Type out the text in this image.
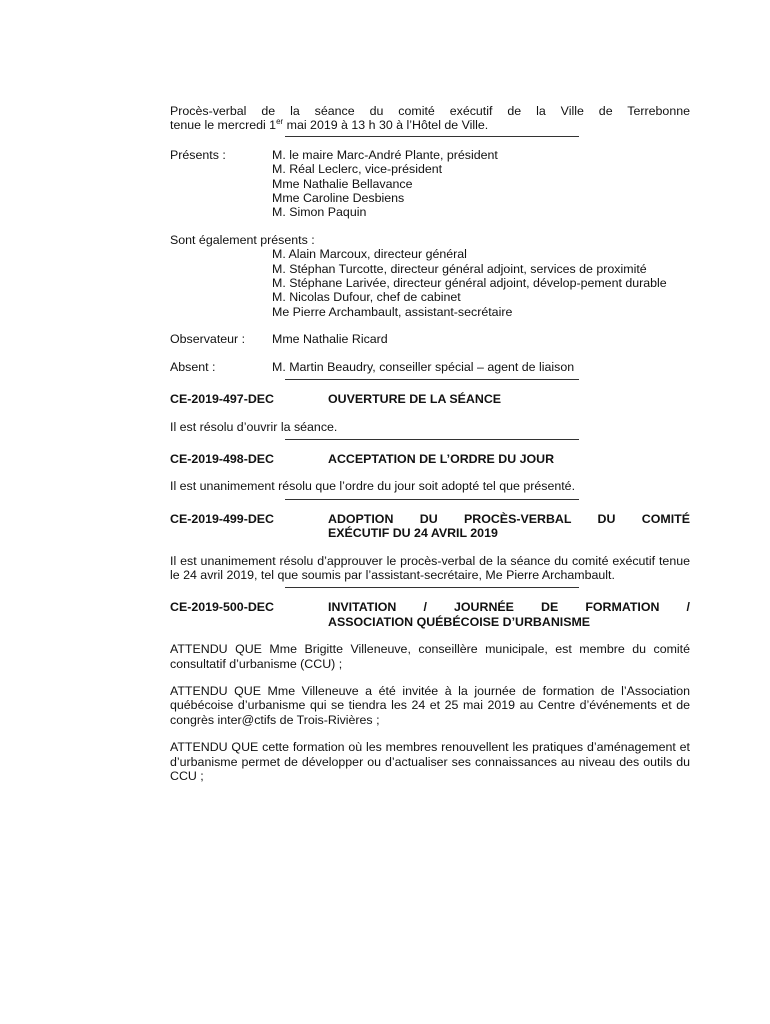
Procès-verbal de la séance du comité exécutif de la Ville de Terrebonne
tenue le mercredi 1er mai 2019 à 13 h 30 à l’Hôtel de Ville.
Présents :	M. le maire Marc-André Plante, président
M. Réal Leclerc, vice-président
Mme Nathalie Bellavance
Mme Caroline Desbiens
M. Simon Paquin
Sont également présents :
M. Alain Marcoux, directeur général
M. Stéphan Turcotte, directeur général adjoint, services de proximité
M. Stéphane Larivée, directeur général adjoint, dévelop-pement durable
M. Nicolas Dufour, chef de cabinet
Me Pierre Archambault, assistant-secrétaire
Observateur :	Mme Nathalie Ricard
Absent :	M. Martin Beaudry, conseiller spécial – agent de liaison
CE-2019-497-DEC	OUVERTURE DE LA SÉANCE
Il est résolu d’ouvrir la séance.
CE-2019-498-DEC	ACCEPTATION DE L’ORDRE DU JOUR
Il est unanimement résolu que l’ordre du jour soit adopté tel que présenté.
CE-2019-499-DEC	ADOPTION DU PROCÈS-VERBAL DU COMITÉ
EXÉCUTIF DU 24 AVRIL 2019
Il est unanimement résolu d’approuver le procès-verbal de la séance du comité exécutif tenue le 24 avril 2019, tel que soumis par l’assistant-secrétaire, Me Pierre Archambault.
CE-2019-500-DEC	INVITATION / JOURNÉE DE FORMATION /
ASSOCIATION QUÉBÉCOISE D’URBANISME
ATTENDU QUE Mme Brigitte Villeneuve, conseillère municipale, est membre du comité consultatif d’urbanisme (CCU) ;
ATTENDU QUE Mme Villeneuve a été invitée à la journée de formation de l’Association québécoise d’urbanisme qui se tiendra les 24 et 25 mai 2019 au Centre d’événements et de congrès inter@ctifs de Trois-Rivières ;
ATTENDU QUE cette formation où les membres renouvellent les pratiques d’aménagement et d’urbanisme permet de développer ou d’actualiser ses connaissances au niveau des outils du CCU ;
